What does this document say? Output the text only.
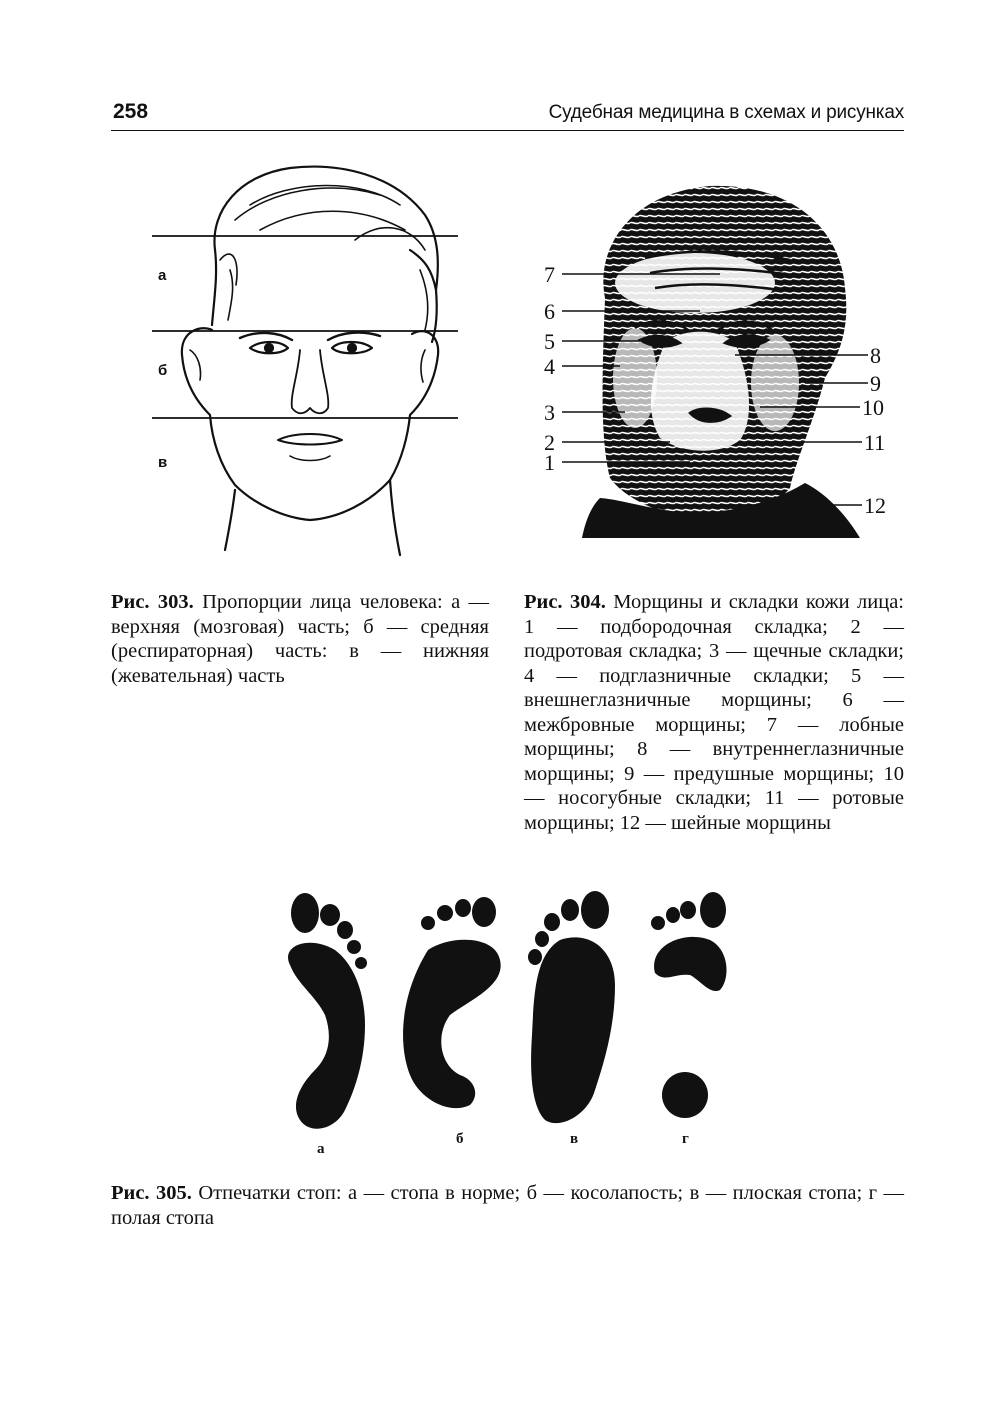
258	Судебная медицина в схемах и рисунках
а
б
в
7
6
5
4
3
2
1
8
9
10
11
12
Рис. 303. Пропорции лица человека: а — верхняя (мозговая) часть; б — средняя (респираторная) часть: в — нижняя (жевательная) часть
Рис. 304. Морщины и складки кожи лица: 1 — подбородочная складка; 2 — подротовая складка; 3 — щечные складки; 4 — подглазничные складки; 5 — внешнеглазничные морщины; 6 — межбровные морщины; 7 — лобные морщины; 8 — внутреннеглазничные морщины; 9 — предушные морщины; 10 — носогубные складки; 11 — ротовые морщины; 12 — шейные морщины
а
б	в	г
Рис. 305. Отпечатки стоп: а — стопа в норме; б — косолапость; в — плоская стопа; г — полая стопа
